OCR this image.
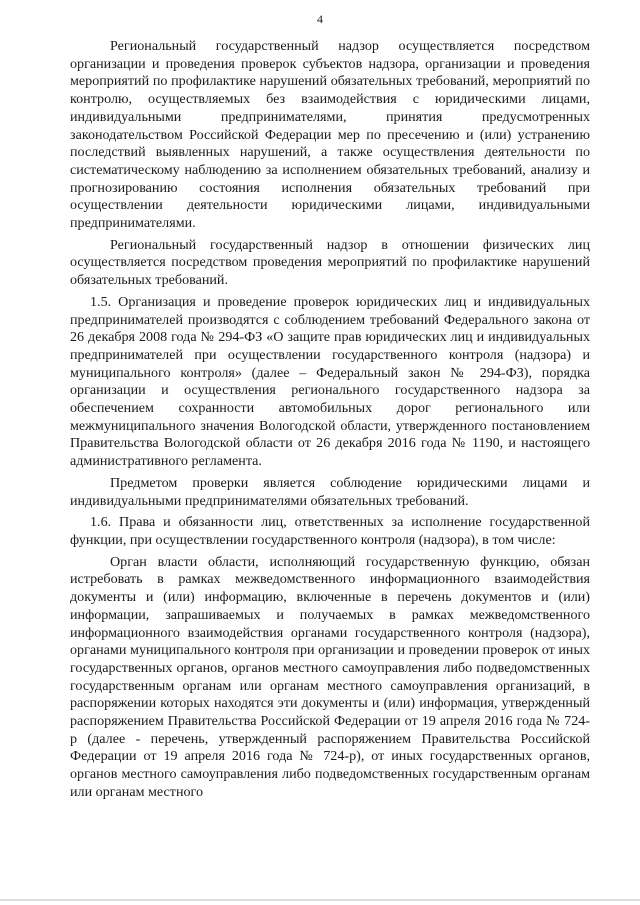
4

Региональный государственный надзор осуществляется посредством организации и проведения проверок субъектов надзора, организации и проведения мероприятий по профилактике нарушений обязательных требований, мероприятий по контролю, осуществляемых без взаимодействия с юридическими лицами, индивидуальными предпринимателями, принятия предусмотренных законодательством Российской Федерации мер по пресечению и (или) устранению последствий выявленных нарушений, а также осуществления деятельности по систематическому наблюдению за исполнением обязательных требований, анализу и прогнозированию состояния исполнения обязательных требований при осуществлении деятельности юридическими лицами, индивидуальными предпринимателями.

Региональный государственный надзор в отношении физических лиц осуществляется посредством проведения мероприятий по профилактике нарушений обязательных требований.

1.5. Организация и проведение проверок юридических лиц и индивидуальных предпринимателей производятся с соблюдением требований Федерального закона от 26 декабря 2008 года № 294-ФЗ «О защите прав юридических лиц и индивидуальных предпринимателей при осуществлении государственного контроля (надзора) и муниципального контроля» (далее – Федеральный закон № 294-ФЗ), порядка организации и осуществления регионального государственного надзора за обеспечением сохранности автомобильных дорог регионального или межмуниципального значения Вологодской области, утвержденного постановлением Правительства Вологодской области от 26 декабря 2016 года № 1190, и настоящего административного регламента.

Предметом проверки является соблюдение юридическими лицами и индивидуальными предпринимателями обязательных требований.

1.6. Права и обязанности лиц, ответственных за исполнение государственной функции, при осуществлении государственного контроля (надзора), в том числе:

Орган власти области, исполняющий государственную функцию, обязан истребовать в рамках межведомственного информационного взаимодействия документы и (или) информацию, включенные в перечень документов и (или) информации, запрашиваемых и получаемых в рамках межведомственного информационного взаимодействия органами государственного контроля (надзора), органами муниципального контроля при организации и проведении проверок от иных государственных органов, органов местного самоуправления либо подведомственных государственным органам или органам местного самоуправления организаций, в распоряжении которых находятся эти документы и (или) информация, утвержденный распоряжением Правительства Российской Федерации от 19 апреля 2016 года № 724-р (далее - перечень, утвержденный распоряжением Правительства Российской Федерации от 19 апреля 2016 года № 724-р), от иных государственных органов, органов местного самоуправления либо подведомственных государственным органам или органам местного
